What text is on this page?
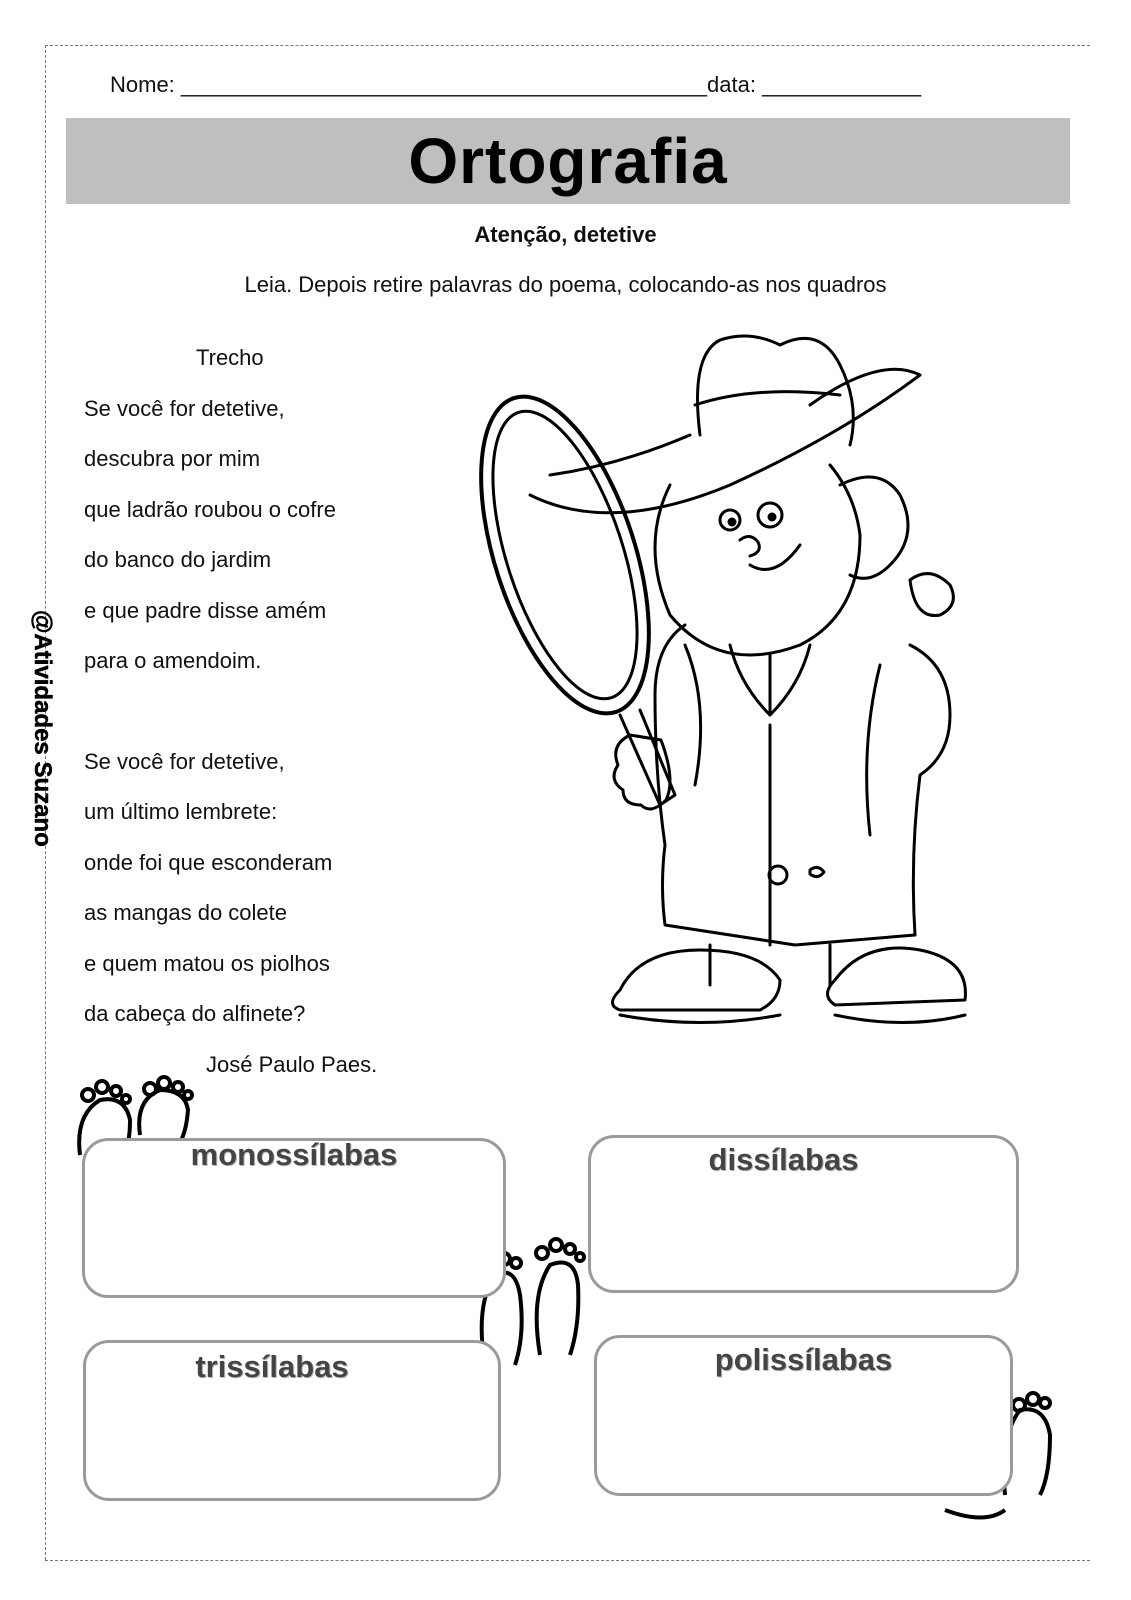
Nome: ___________________________________________data: _____________
Ortografia
Atenção, detetive
Leia. Depois retire palavras do poema, colocando-as nos quadros
@Atividades Suzano
Trecho
Se você for detetive,
descubra por mim
que ladrão roubou o cofre
do banco do jardim
e que padre disse amém
para o amendoim.
Se você for detetive,
um último lembrete:
onde foi que esconderam
as mangas do colete
e quem matou os piolhos
da cabeça do alfinete?
José Paulo Paes.
monossílabas	dissílabas
trissílabas	polissílabas
